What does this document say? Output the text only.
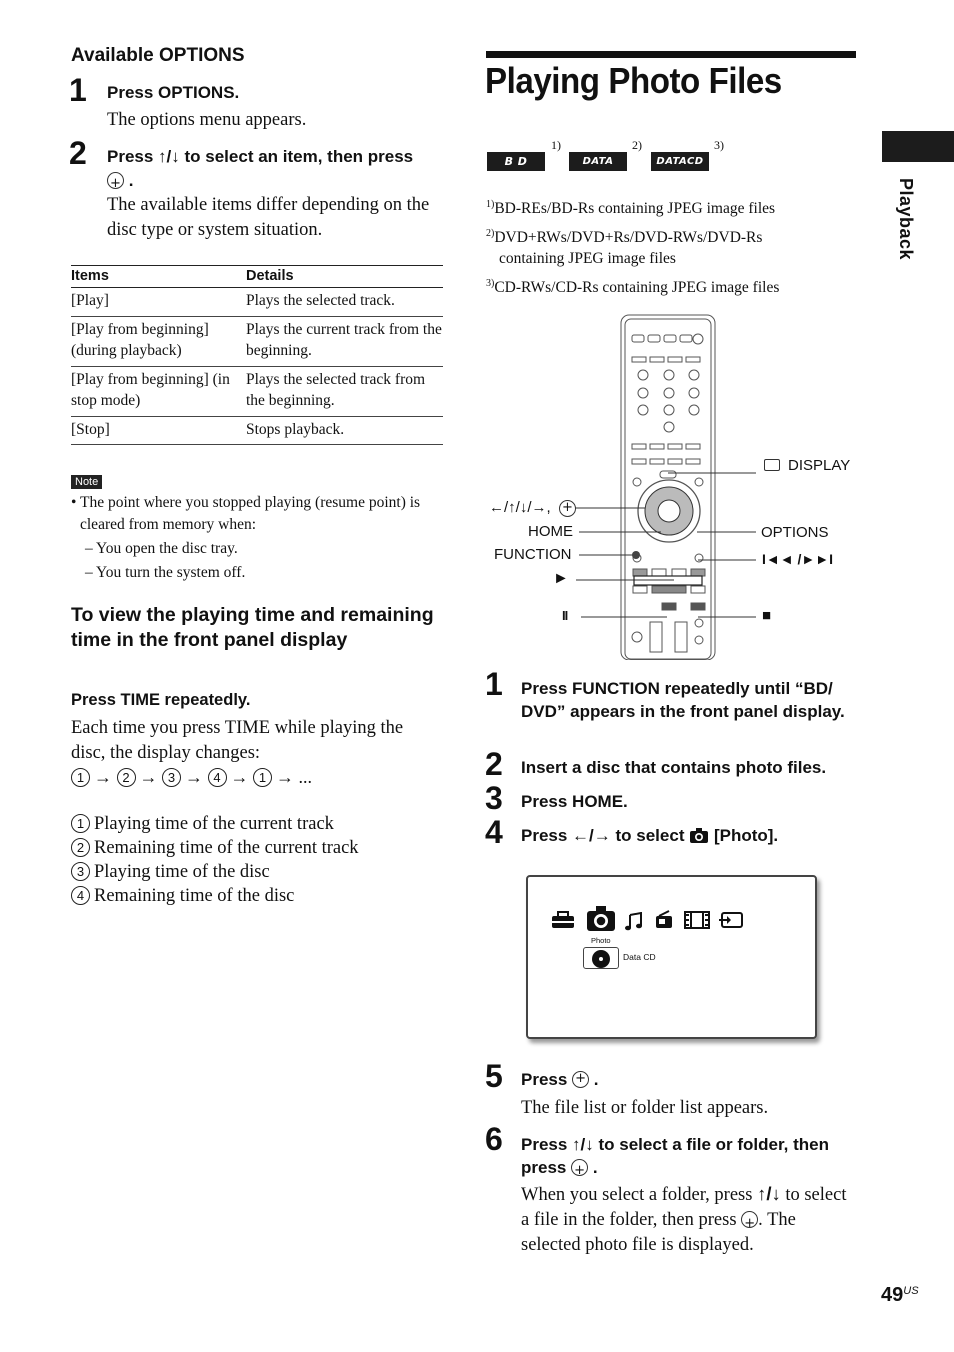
Available OPTIONS
1 Press OPTIONS.
The options menu appears.
2 Press ↑/↓ to select an item, then press
+ .
The available items differ depending on the disc type or system situation.
Items	Details
[Play]	Plays the selected track.
[Play from beginning] (during playback)	Plays the current track from the beginning.
[Play from beginning] (in stop mode)	Plays the selected track from the beginning.
[Stop]	Stops playback.
Note
• The point where you stopped playing (resume point) is cleared from memory when:
– You open the disc tray.
– You turn the system off.
To view the playing time and remaining time in the front panel display
Press TIME repeatedly.
Each time you press TIME while playing the disc, the display changes:
1 → 2 → 3 → 4 → 1 → ...
1 Playing time of the current track
2 Remaining time of the current track
3 Playing time of the disc
4 Remaining time of the disc
Playing Photo Files
B D
1)
DATA DVD
2)
DATACD
3)
$^{1)}$BD-REs/BD-Rs containing JPEG image files
$^{2)}$DVD+RWs/DVD+Rs/DVD-RWs/DVD-Rs containing JPEG image files
$^{3)}$CD-RWs/CD-Rs containing JPEG image files
DISPLAY
←/↑/↓/→,
+
HOME
FUNCTION
►
II
OPTIONS
I◄◄ /►►I
■
1 Press FUNCTION repeatedly until “BD/ DVD” appears in the front panel display.
2 Insert a disc that contains photo files.
3 Press HOME.
4 Press ←/→ to select  [Photo].
Photo
Data CD
5 Press + .
The file list or folder list appears.
6 Press ↑/↓ to select a file or folder, then press + .
When you select a folder, press ↑/↓ to select a file in the folder, then press +. The selected photo file is displayed.
Playback
$49^{US}$
